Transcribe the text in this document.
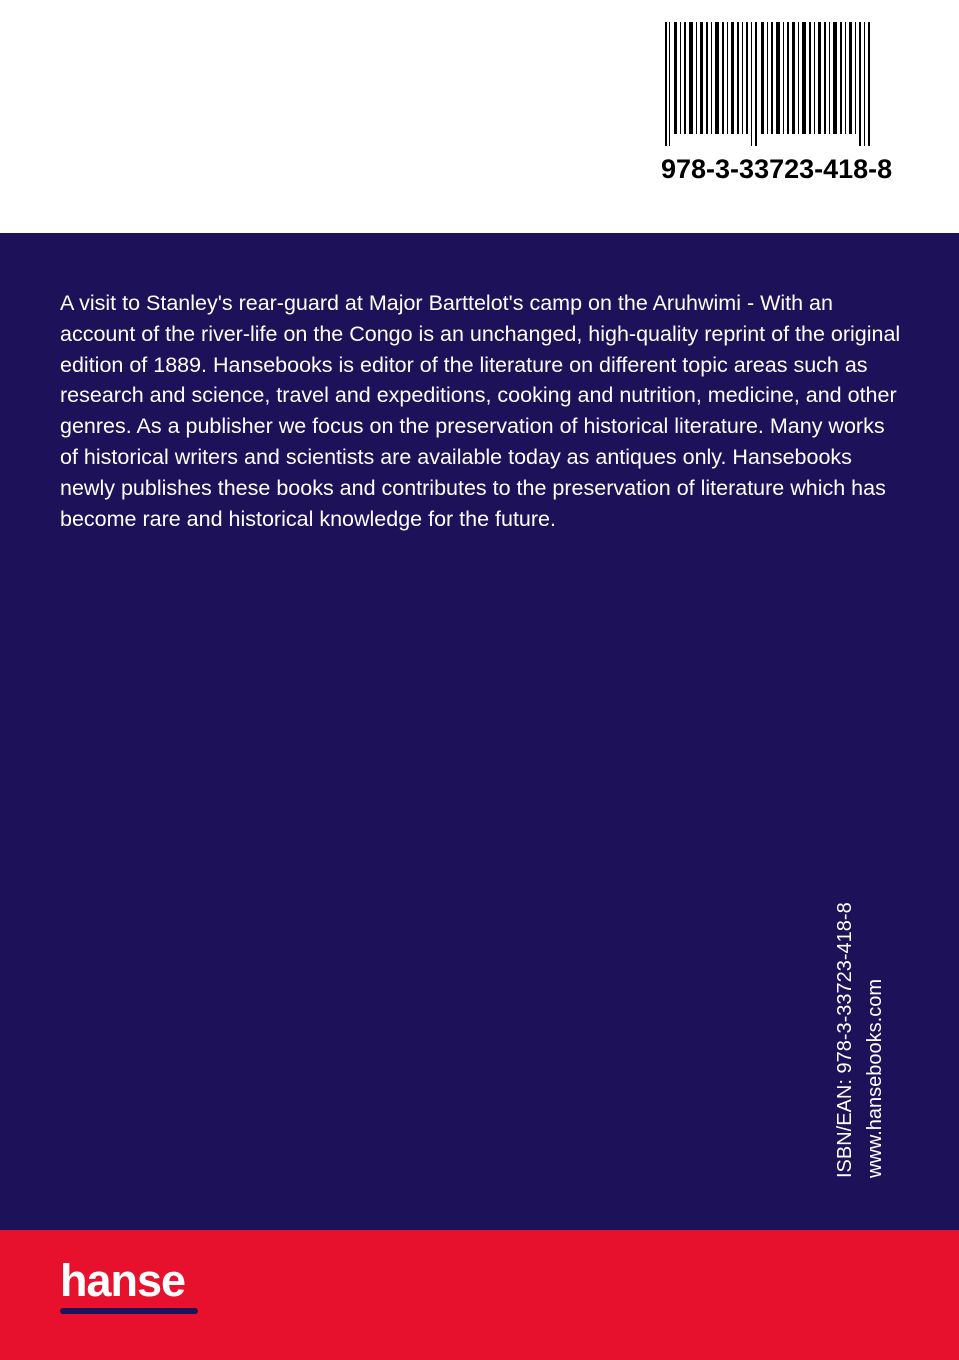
978-3-33723-418-8

A visit to Stanley's rear-guard at Major Barttelot's camp on the Aruhwimi - With an account of the river-life on the Congo is an unchanged, high-quality reprint of the original edition of 1889. Hansebooks is editor of the literature on different topic areas such as research and science, travel and expeditions, cooking and nutrition, medicine, and other genres. As a publisher we focus on the preservation of historical literature. Many works of historical writers and scientists are available today as antiques only. Hansebooks newly publishes these books and contributes to the preservation of literature which has become rare and historical knowledge for the future.

ISBN/EAN: 978-3-33723-418-8 www.hansebooks.com
hanse
